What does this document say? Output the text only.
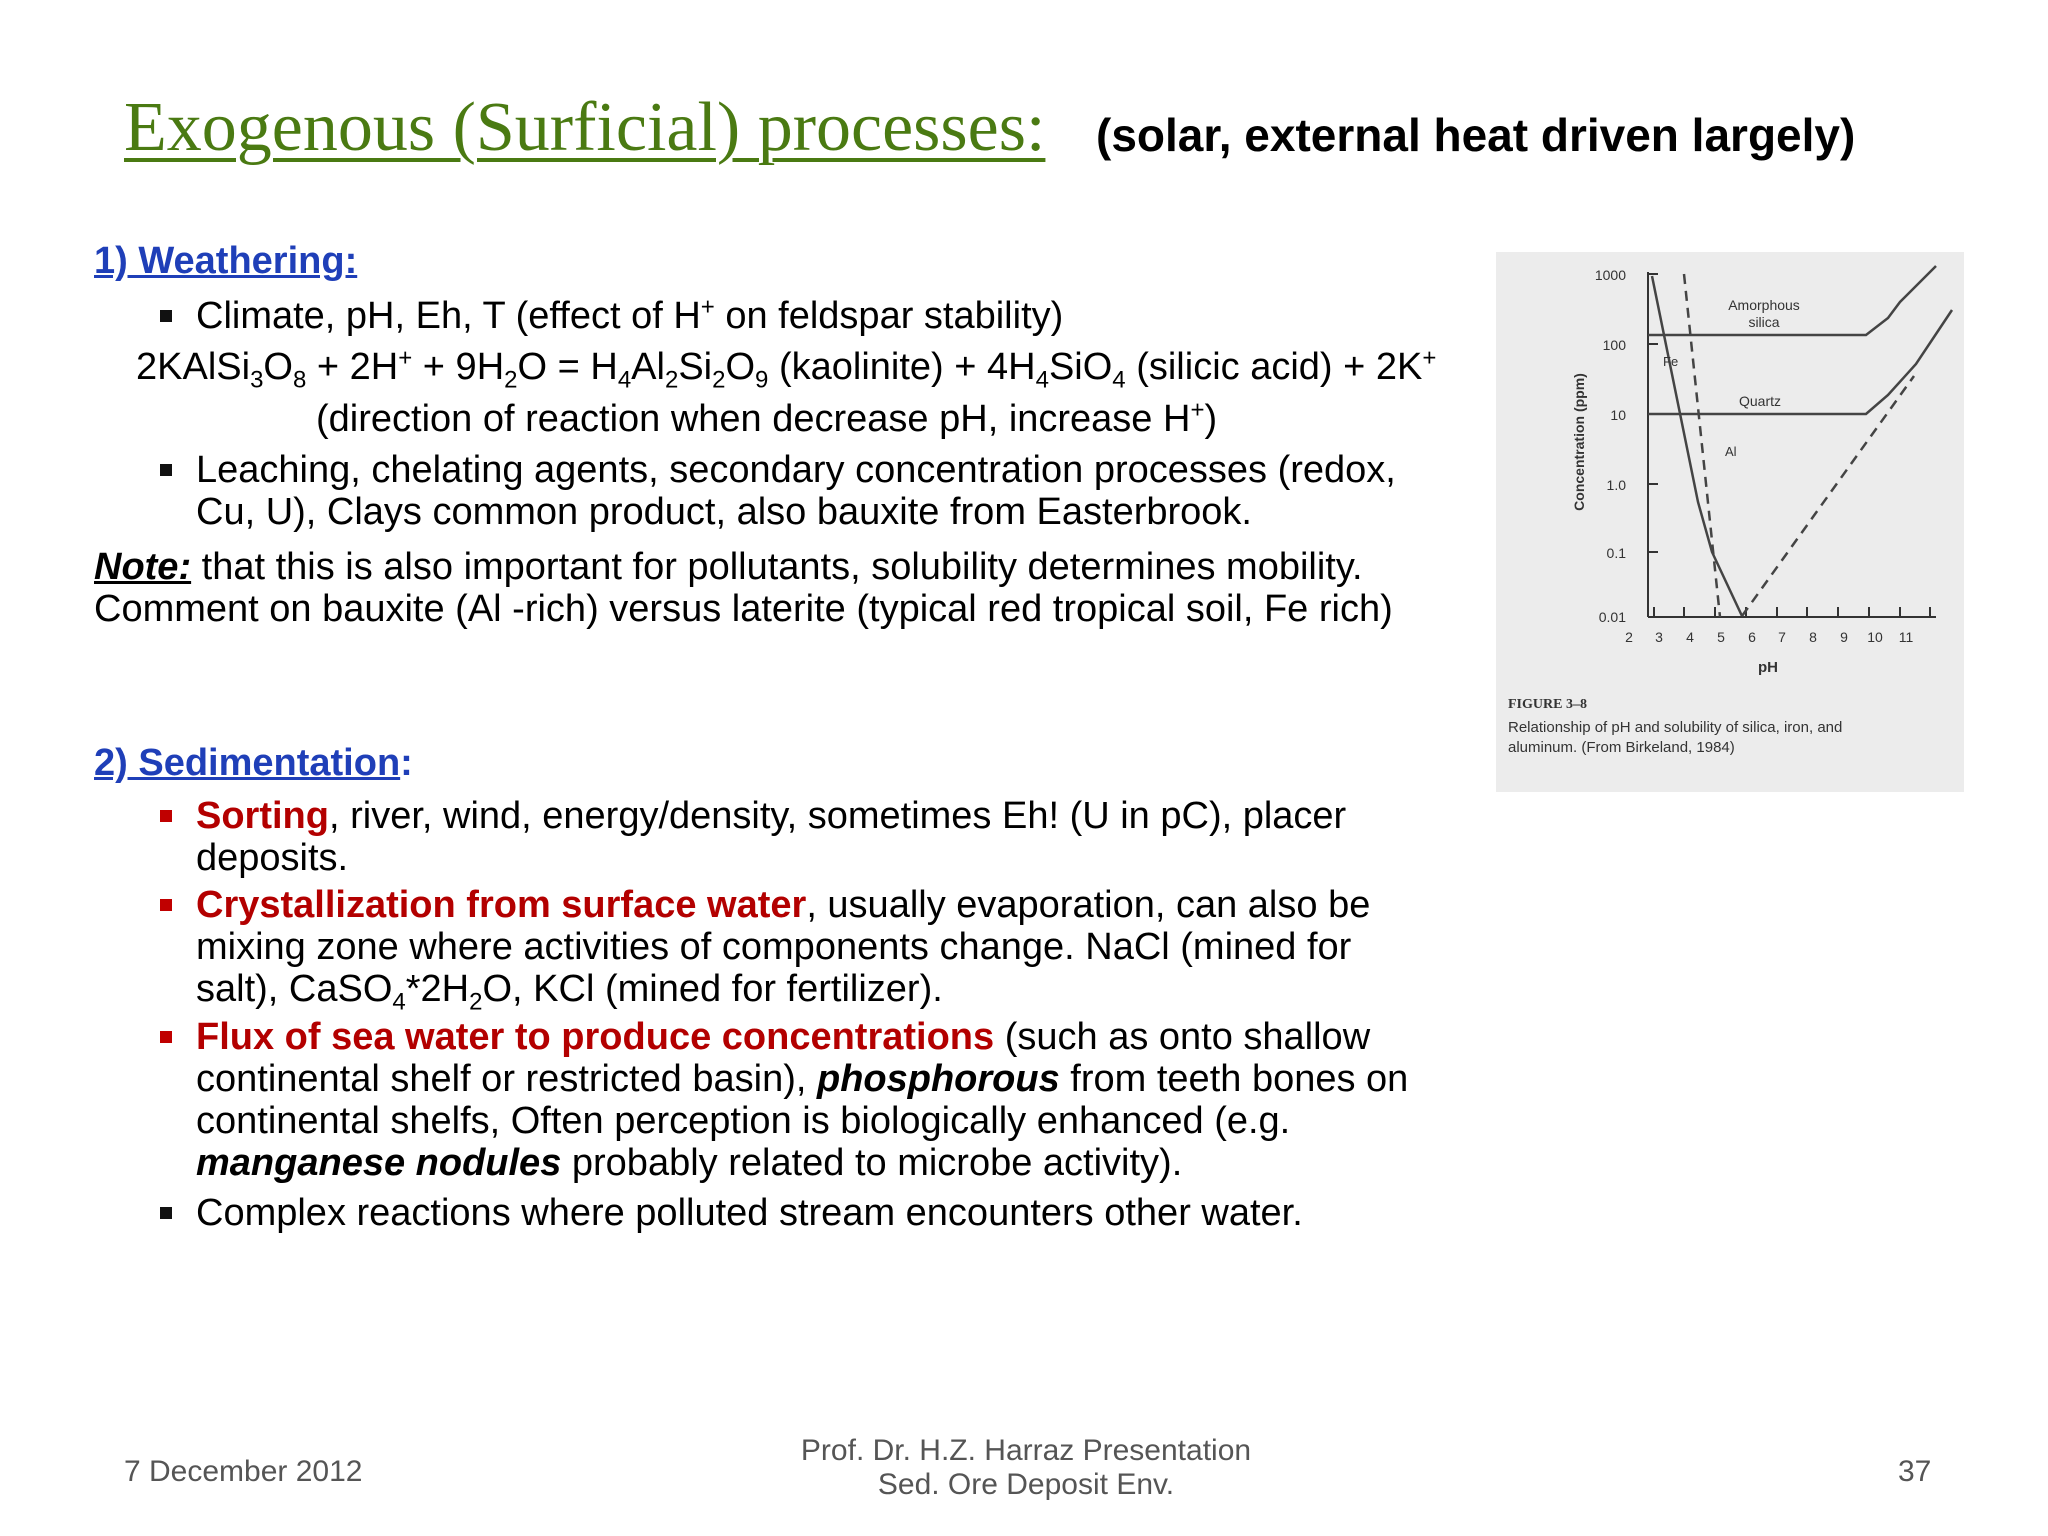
Exogenous (Surficial) processes: (solar, external heat driven largely)
1) Weathering:
Climate, pH, Eh, T (effect of H+ on feldspar stability)
$2KAlSi_3O_8 + 2H^+ + 9H_2O = H_4Al_2Si_2O_9$ (kaolinite) + $4H_4SiO_4$ (silicic acid) + 2K+
(direction of reaction when decrease pH, increase H+)
Leaching, chelating agents, secondary concentration processes (redox,
Cu, U), Clays common product, also bauxite from Easterbrook.
Note: that this is also important for pollutants, solubility determines mobility.
Comment on bauxite (Al -rich) versus laterite (typical red tropical soil, Fe rich)
2) Sedimentation:
Sorting, river, wind, energy/density, sometimes Eh! (U in pC), placer
deposits.
Crystallization from surface water, usually evaporation, can also be
mixing zone where activities of components change. NaCl (mined for
salt), $CaSO_4*2H_2O$, KCl (mined for fertilizer).
Flux of sea water to produce concentrations (such as onto shallow
continental shelf or restricted basin), phosphorous from teeth bones on
continental shelfs, Often perception is biologically enhanced (e.g.
manganese nodules probably related to microbe activity).
Complex reactions where polluted stream encounters other water.
1000
100
10
1.0
0.1
0.01
2 3 4 5 6 7 8 9 10 11
pH
Concentration (ppm)
Amorphous
silica
Quartz
Fe
Al
FIGURE 3–8
Relationship of pH and solubility of silica, iron, and
aluminum. (From Birkeland, 1984)
7 December 2012
Prof. Dr. H.Z. Harraz Presentation
Sed. Ore Deposit Env.	37
